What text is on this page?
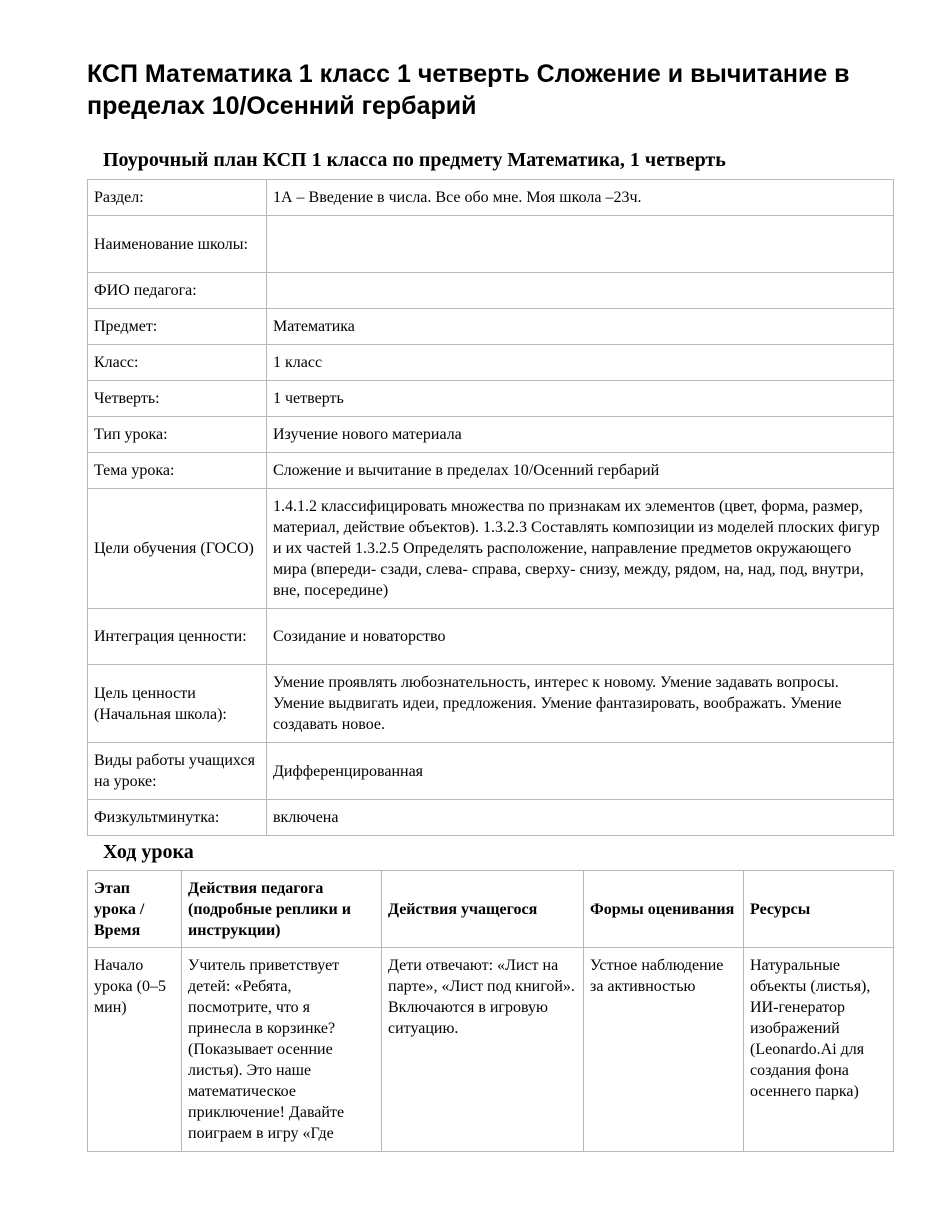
КСП Математика 1 класс 1 четверть Сложение и вычитание в пределах 10/Осенний гербарий
Поурочный план КСП 1 класса по предмету Математика, 1 четверть
Раздел:	1А – Введение в числа. Все обо мне. Моя школа –23ч.
Наименование школы:	
ФИО педагога:	
Предмет:	Математика
Класс:	1 класс
Четверть:	1 четверть
Тип урока:	Изучение нового материала
Тема урока:	Сложение и вычитание в пределах 10/Осенний гербарий
Цели обучения (ГОСО)	1.4.1.2 классифицировать множества по признакам их элементов (цвет, форма, размер, материал, действие объектов). 1.3.2.3 Составлять композиции из моделей плоских фигур и их частей 1.3.2.5 Определять расположение, направление предметов окружающего мира (впереди- сзади, слева- справа, сверху- снизу, между, рядом, на, над, под, внутри, вне, посередине)
Интеграция ценности:	Созидание и новаторство
Цель ценности (Начальная школа):	Умение проявлять любознательность, интерес к новому. Умение задавать вопросы. Умение выдвигать идеи, предложения. Умение фантазировать, воображать. Умение создавать новое.
Виды работы учащихся на уроке:	Дифференцированная
Физкультминутка:	включена
Ход урока
Этап урока / Время	Действия педагога (подробные реплики и инструкции)	Действия учащегося	Формы оценивания	Ресурсы
Начало урока (0–5 мин)	Учитель приветствует детей: «Ребята, посмотрите, что я принесла в корзинке? (Показывает осенние листья). Это наше математическое приключение! Давайте поиграем в игру «Где	Дети отвечают: «Лист на парте», «Лист под книгой». Включаются в игровую ситуацию.	Устное наблюдение за активностью	Натуральные объекты (листья), ИИ-генератор изображений (Leonardo.Ai для создания фона осеннего парка)
